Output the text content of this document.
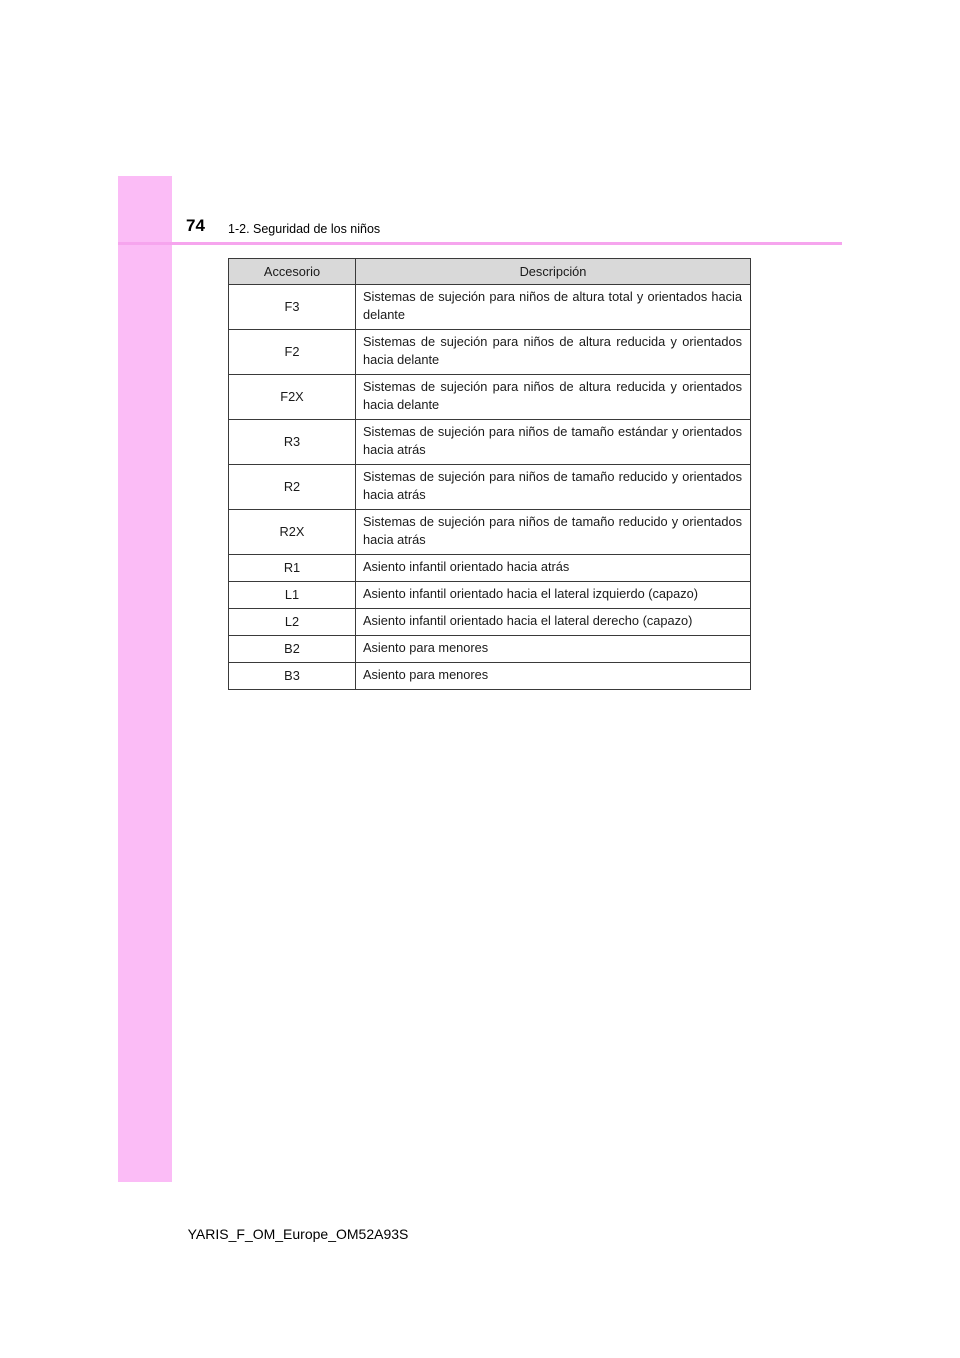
74 1-2. Seguridad de los niños
Accesorio	Descripción
F3	Sistemas de sujeción para niños de altura total y orientados hacia delante
F2	Sistemas de sujeción para niños de altura reducida y orientados hacia delante
F2X	Sistemas de sujeción para niños de altura reducida y orientados hacia delante
R3	Sistemas de sujeción para niños de tamaño estándar y orientados hacia atrás
R2	Sistemas de sujeción para niños de tamaño reducido y orientados hacia atrás
R2X	Sistemas de sujeción para niños de tamaño reducido y orientados hacia atrás
R1	Asiento infantil orientado hacia atrás
L1	Asiento infantil orientado hacia el lateral izquierdo (capazo)
L2	Asiento infantil orientado hacia el lateral derecho (capazo)
B2	Asiento para menores
B3	Asiento para menores
YARIS_F_OM_Europe_OM52A93S
